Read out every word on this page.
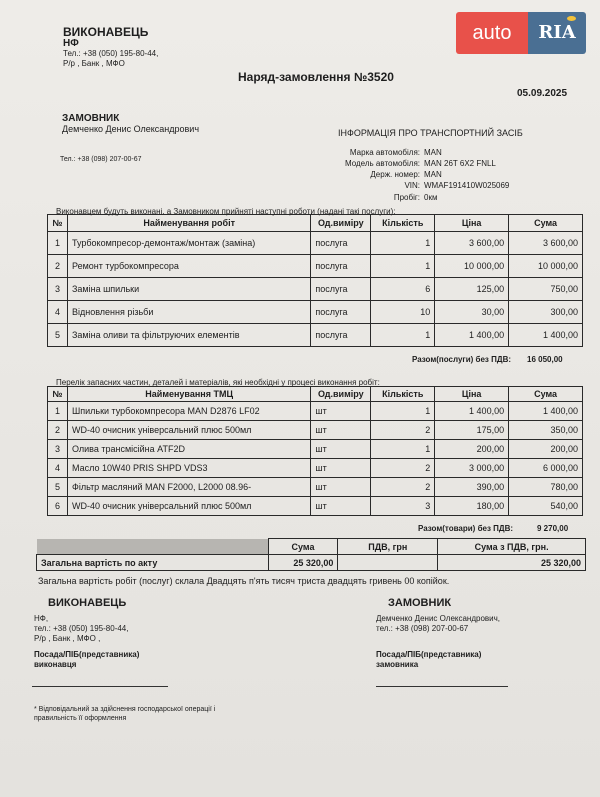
ВИКОНАВЕЦЬ
НФ
Тел.: +38 (050) 195-80-44,
Р/р , Банк , МФО
auto	RIA
Наряд-замовлення №3520
05.09.2025
ЗАМОВНИК
Демченко Денис Олександрович
Тел.: +38 (098) 207-00-67
ІНФОРМАЦІЯ ПРО ТРАНСПОРТНИЙ ЗАСІБ
Марка автомобіля: MAN
Модель автомобіля: MAN 26T 6X2 FNLL
Держ. номер: MAN
VIN: WMAF191410W025069
Пробіг: 0км
Виконавцем будуть виконані, а Замовником прийняті наступні роботи (надані такі послуги):
№	Найменування робіт	Од.виміру	Кількість	Ціна	Сума
1	Турбокомпресор-демонтаж/монтаж (заміна)	послуга	1	3 600,00	3 600,00
2	Ремонт турбокомпресора	послуга	1	10 000,00	10 000,00
3	Заміна шпильки	послуга	6	125,00	750,00
4	Відновлення різьби	послуга	10	30,00	300,00
5	Заміна оливи та фільтруючих елементів	послуга	1	1 400,00	1 400,00
Разом(послуги) без ПДВ: 16 050,00
Перелік запасних частин, деталей і матеріалів, які необхідні у процесі виконання робіт:
№	Найменування ТМЦ	Од.виміру	Кількість	Ціна	Сума
1	Шпильки турбокомпресора MAN D2876 LF02	шт	1	1 400,00	1 400,00
2	WD-40 очисник універсальний плюс 500мл	шт	2	175,00	350,00
3	Олива трансмісійна ATF2D	шт	1	200,00	200,00
4	Масло 10W40 PRIS SHPD VDS3	шт	2	3 000,00	6 000,00
5	Фільтр масляний MAN F2000, L2000 08.96-	шт	2	390,00	780,00
6	WD-40 очисник універсальний плюс 500мл	шт	3	180,00	540,00
Разом(товари) без ПДВ:	9 270,00
	Сума	ПДВ, грн	Сума з ПДВ, грн.
Загальна вартість по акту	25 320,00		25 320,00
Загальна вартість робіт (послуг) склала Двадцять п'ять тисяч триста двадцять гривень 00 копійок.
ВИКОНАВЕЦЬ
НФ,
тел.: +38 (050) 195-80-44,
Р/р , Банк , МФО ,
Посада/ПІБ(представника)
виконавця
ЗАМОВНИК
Демченко Денис Олександрович,
тел.: +38 (098) 207-00-67
Посада/ПІБ(представника)
замовника
* Відповідальний за здійснення господарської операції і
правильність її оформлення
